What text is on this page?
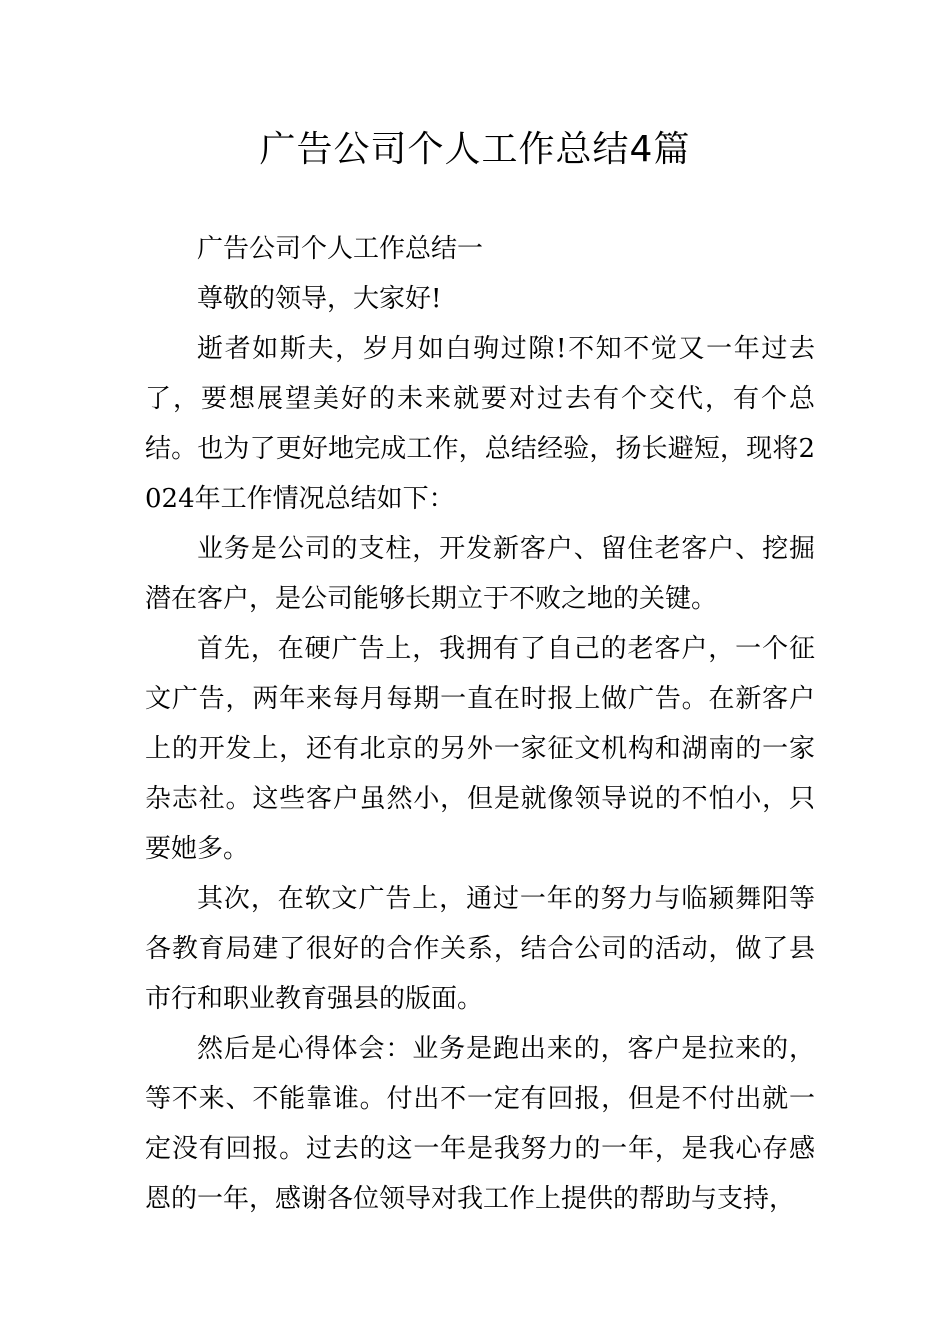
广告公司个人工作总结4篇

广告公司个人工作总结一

尊敬的领导，大家好!

逝者如斯夫，岁月如白驹过隙!不知不觉又一年过去了，要想展望美好的未来就要对过去有个交代，有个总结。也为了更好地完成工作，总结经验，扬长避短，现将2024年工作情况总结如下：

业务是公司的支柱，开发新客户、留住老客户、挖掘潜在客户，是公司能够长期立于不败之地的关键。

首先，在硬广告上，我拥有了自己的老客户，一个征文广告，两年来每月每期一直在时报上做广告。在新客户上的开发上，还有北京的另外一家征文机构和湖南的一家杂志社。这些客户虽然小，但是就像领导说的不怕小，只要她多。

其次，在软文广告上，通过一年的努力与临颍舞阳等各教育局建了很好的合作关系，结合公司的活动，做了县市行和职业教育强县的版面。

然后是心得体会：业务是跑出来的，客户是拉来的，等不来、不能靠谁。付出不一定有回报，但是不付出就一定没有回报。过去的这一年是我努力的一年，是我心存感恩的一年，感谢各位领导对我工作上提供的帮助与支持，
